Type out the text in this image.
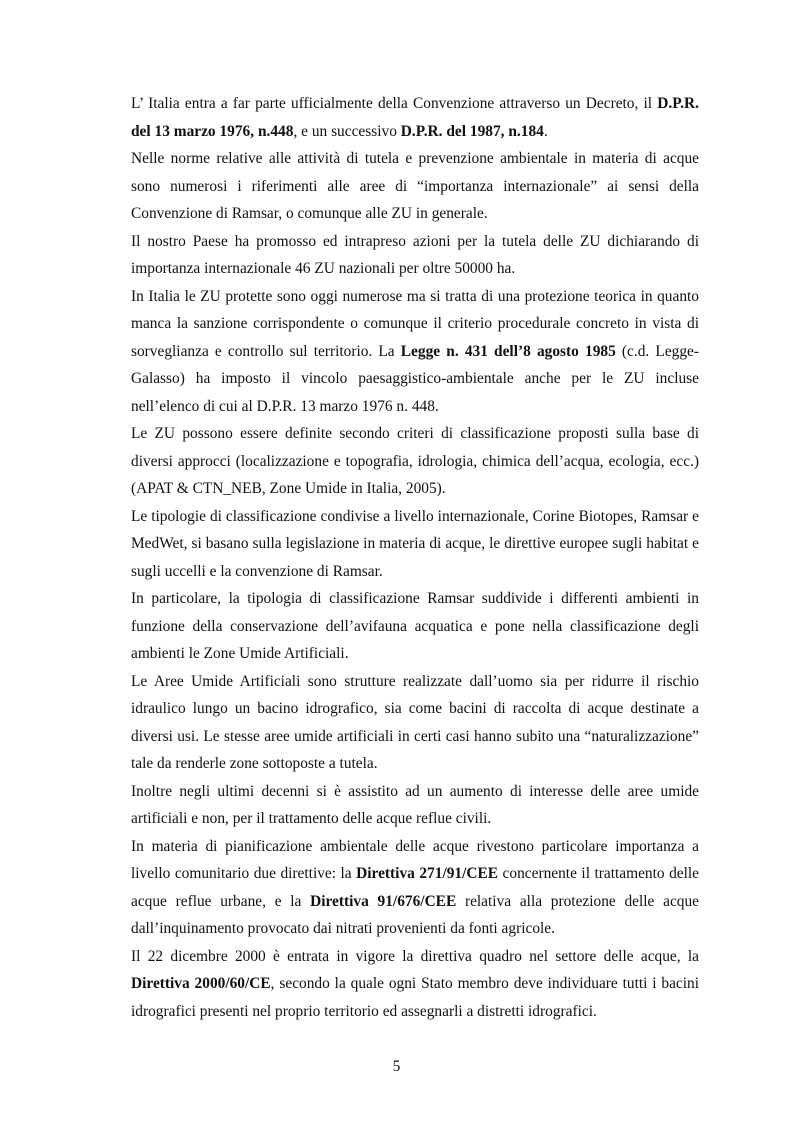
L’ Italia entra a far parte ufficialmente della Convenzione attraverso un Decreto, il D.P.R. del 13 marzo 1976, n.448, e un successivo D.P.R. del 1987, n.184.

Nelle norme relative alle attività di tutela e prevenzione ambientale in materia di acque sono numerosi i riferimenti alle aree di “importanza internazionale” ai sensi della Convenzione di Ramsar, o comunque alle ZU in generale.

Il nostro Paese ha promosso ed intrapreso azioni per la tutela delle ZU dichiarando di importanza internazionale 46 ZU nazionali per oltre 50000 ha.

In Italia le ZU protette sono oggi numerose ma si tratta di una protezione teorica in quanto manca la sanzione corrispondente o comunque il criterio procedurale concreto in vista di sorveglianza e controllo sul territorio. La Legge n. 431 dell’8 agosto 1985 (c.d. Legge-Galasso) ha imposto il vincolo paesaggistico-ambientale anche per le ZU incluse nell’elenco di cui al D.P.R. 13 marzo 1976 n. 448.

Le ZU possono essere definite secondo criteri di classificazione proposti sulla base di diversi approcci (localizzazione e topografia, idrologia, chimica dell’acqua, ecologia, ecc.) (APAT & CTN_NEB, Zone Umide in Italia, 2005).

Le tipologie di classificazione condivise a livello internazionale, Corine Biotopes, Ramsar e MedWet, si basano sulla legislazione in materia di acque, le direttive europee sugli habitat e sugli uccelli e la convenzione di Ramsar.

In particolare, la tipologia di classificazione Ramsar suddivide i differenti ambienti in funzione della conservazione dell’avifauna acquatica e pone nella classificazione degli ambienti le Zone Umide Artificiali.

Le Aree Umide Artificiali sono strutture realizzate dall’uomo sia per ridurre il rischio idraulico lungo un bacino idrografico, sia come bacini di raccolta di acque destinate a diversi usi. Le stesse aree umide artificiali in certi casi hanno subito una “naturalizzazione” tale da renderle zone sottoposte a tutela.

Inoltre negli ultimi decenni si è assistito ad un aumento di interesse delle aree umide artificiali e non, per il trattamento delle acque reflue civili.

In materia di pianificazione ambientale delle acque rivestono particolare importanza a livello comunitario due direttive: la Direttiva 271/91/CEE concernente il trattamento delle acque reflue urbane, e la Direttiva 91/676/CEE relativa alla protezione delle acque dall’inquinamento provocato dai nitrati provenienti da fonti agricole.

Il 22 dicembre 2000 è entrata in vigore la direttiva quadro nel settore delle acque, la Direttiva 2000/60/CE, secondo la quale ogni Stato membro deve individuare tutti i bacini idrografici presenti nel proprio territorio ed assegnarli a distretti idrografici.

5
